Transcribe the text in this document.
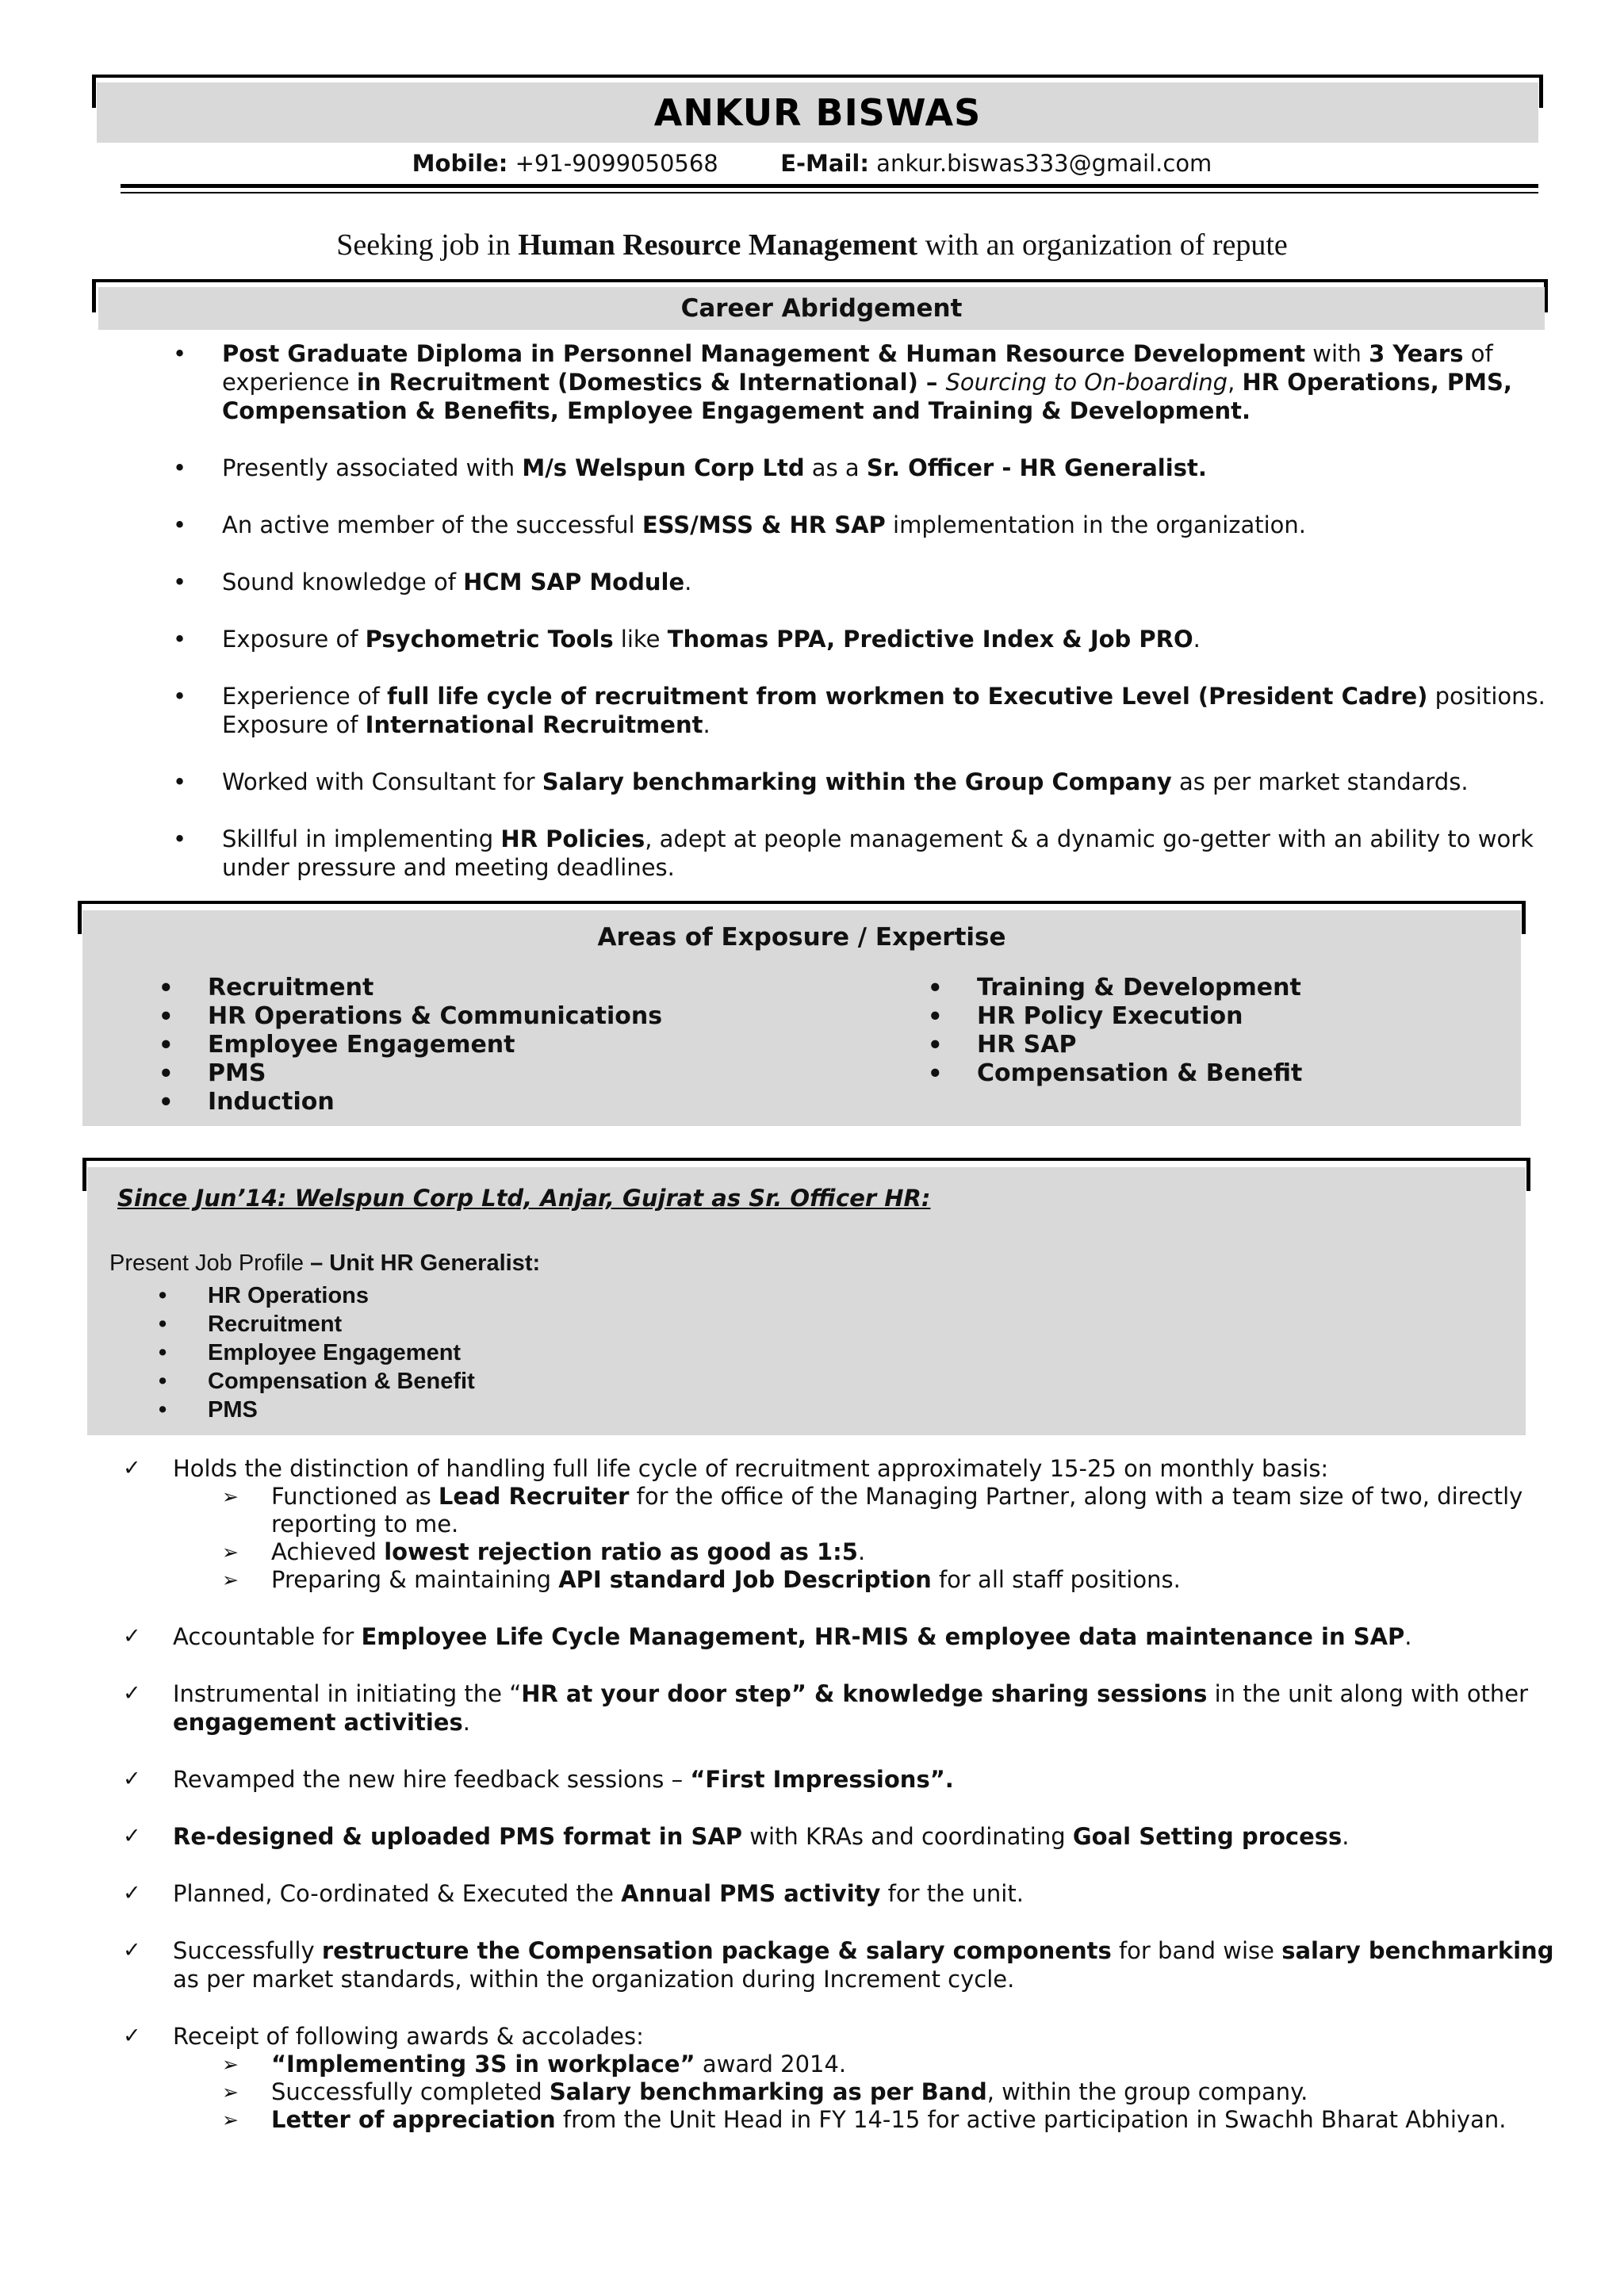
ANKUR BISWAS
Mobile: +91-9099050568	E-Mail: ankur.biswas333@gmail.com
Seeking job in Human Resource Management with an organization of repute
Career Abridgement
• Post Graduate Diploma in Personnel Management & Human Resource Development with 3 Years of experience in Recruitment (Domestics & International) – Sourcing to On-boarding, HR Operations, PMS, Compensation & Benefits, Employee Engagement and Training & Development.
• Presently associated with M/s Welspun Corp Ltd as a Sr. Officer - HR Generalist.
• An active member of the successful ESS/MSS & HR SAP implementation in the organization.
• Sound knowledge of HCM SAP Module.
• Exposure of Psychometric Tools like Thomas PPA, Predictive Index & Job PRO.
• Experience of full life cycle of recruitment from workmen to Executive Level (President Cadre) positions. Exposure of International Recruitment.
• Worked with Consultant for Salary benchmarking within the Group Company as per market standards.
• Skillful in implementing HR Policies, adept at people management & a dynamic go-getter with an ability to work under pressure and meeting deadlines.
Areas of Exposure / Expertise
• Recruitment
• HR Operations & Communications
• Employee Engagement
• PMS
• Induction
• Training & Development
• HR Policy Execution
• HR SAP
• Compensation & Benefit
Since Jun’14: Welspun Corp Ltd, Anjar, Gujrat as Sr. Officer HR:
Present Job Profile – Unit HR Generalist:
• HR Operations
• Recruitment
• Employee Engagement
• Compensation & Benefit
• PMS
✓ Holds the distinction of handling full life cycle of recruitment approximately 15-25 on monthly basis:
➢ Functioned as Lead Recruiter for the office of the Managing Partner, along with a team size of two, directly reporting to me.
➢ Achieved lowest rejection ratio as good as 1:5.
➢ Preparing & maintaining API standard Job Description for all staff positions.
✓ Accountable for Employee Life Cycle Management, HR-MIS & employee data maintenance in SAP.
✓ Instrumental in initiating the “HR at your door step” & knowledge sharing sessions in the unit along with other engagement activities.
✓ Revamped the new hire feedback sessions – “First Impressions”.
✓ Re-designed & uploaded PMS format in SAP with KRAs and coordinating Goal Setting process.
✓ Planned, Co-ordinated & Executed the Annual PMS activity for the unit.
✓ Successfully restructure the Compensation package & salary components for band wise salary benchmarking as per market standards, within the organization during Increment cycle.
✓ Receipt of following awards & accolades:
➢ “Implementing 3S in workplace” award 2014.
➢ Successfully completed Salary benchmarking as per Band, within the group company.
➢ Letter of appreciation from the Unit Head in FY 14-15 for active participation in Swachh Bharat Abhiyan.
